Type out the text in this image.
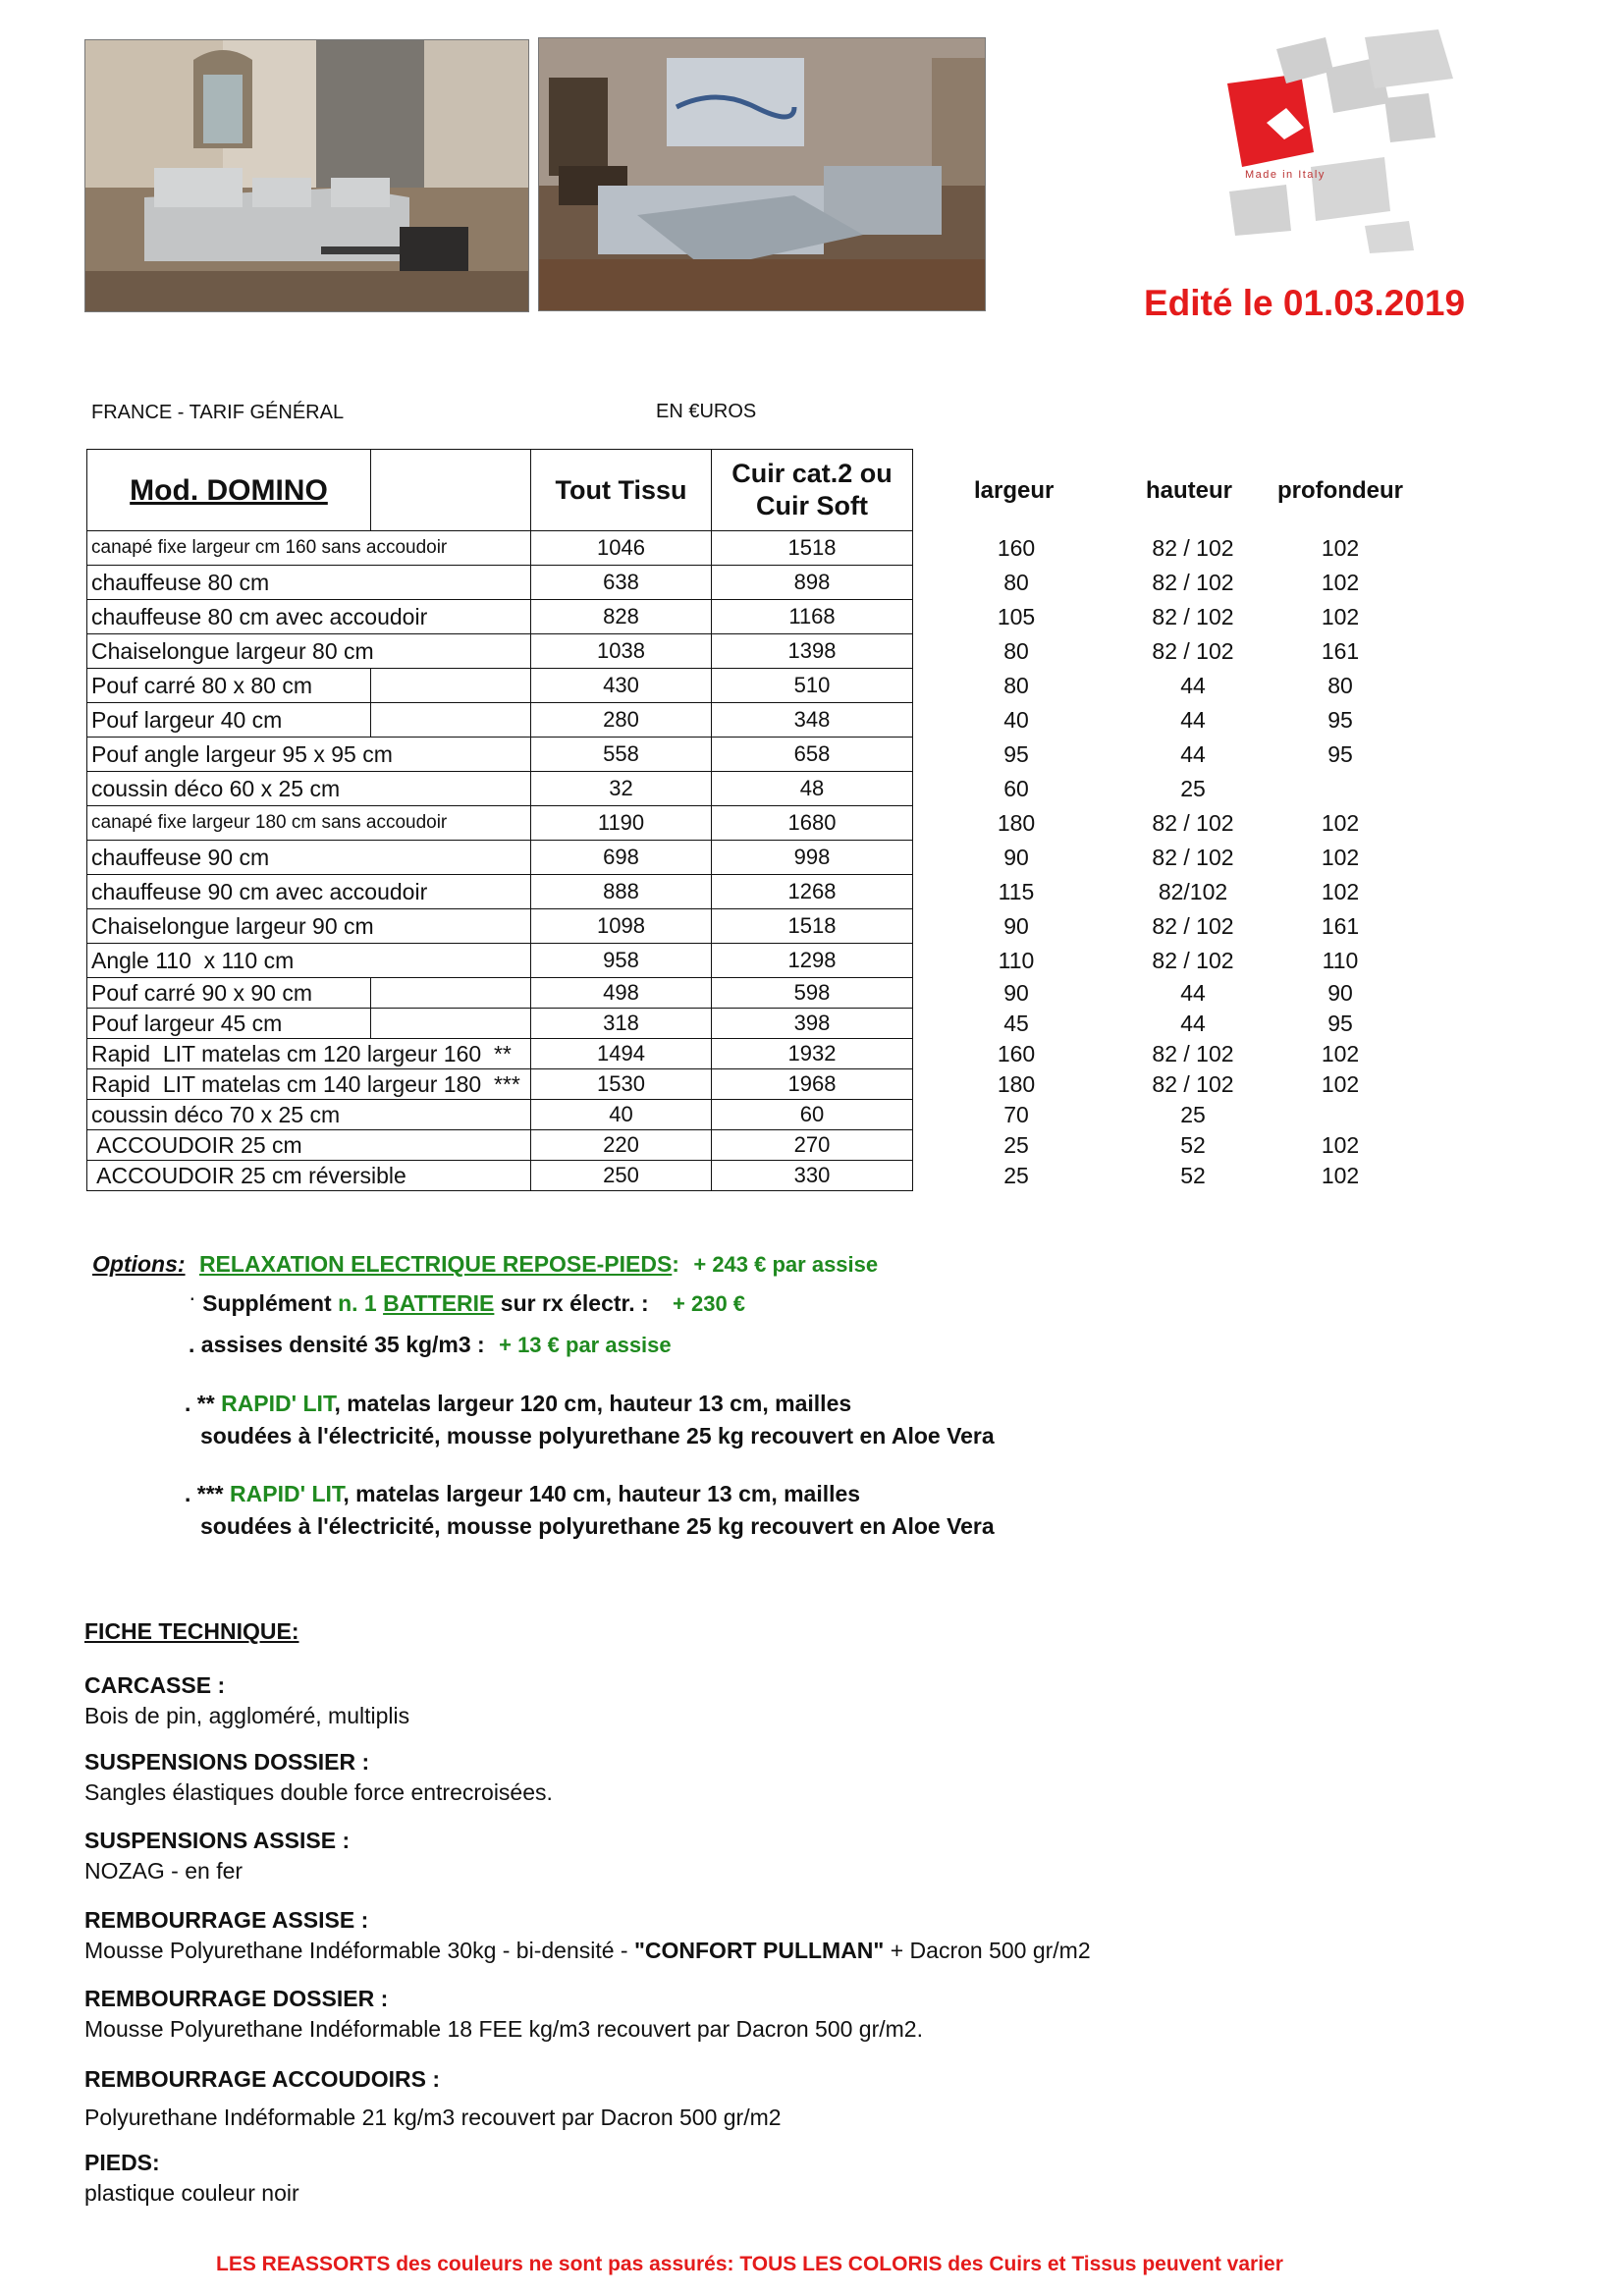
Made in Italy
Edité le 01.03.2019
FRANCE - TARIF GÉNÉRAL	EN €UROS
Mod. DOMINO		Tout Tissu	Cuir cat.2 ou Cuir Soft
canapé fixe largeur cm 160 sans accoudoir		1046	1518
chauffeuse 80 cm		638	898
chauffeuse 80 cm avec accoudoir		828	1168
Chaiselongue largeur 80 cm		1038	1398
Pouf carré 80 x 80 cm		430	510
Pouf largeur 40 cm		280	348
Pouf angle largeur 95 x 95 cm		558	658
coussin déco 60 x 25 cm		32	48
canapé fixe largeur 180 cm sans accoudoir		1190	1680
chauffeuse 90 cm		698	998
chauffeuse 90 cm avec accoudoir		888	1268
Chaiselongue largeur 90 cm		1098	1518
Angle 110  x 110 cm		958	1298
Pouf carré 90 x 90 cm		498	598
Pouf largeur 45 cm		318	398
Rapid  LIT matelas cm 120 largeur 160  **		1494	1932
Rapid  LIT matelas cm 140 largeur 180  ***		1530	1968
coussin déco 70 x 25 cm		40	60
ACCOUDOIR 25 cm		220	270
ACCOUDOIR 25 cm réversible		250	330
largeur	hauteur profondeur
160	82 / 102	102
80	82 / 102	102
105	82 / 102	102
80	82 / 102	161
80	44	80
40	44	95
95	44	95
60	25
180	82 / 102	102
90	82 / 102	102
115	82/102	102
90	82 / 102	161
110	82 / 102	110
90	44	90
45	44	95
160	82 / 102	102
180	82 / 102	102
70	25
25	52	102
25	52	102
Options: RELAXATION ELECTRIQUE REPOSE-PIEDS: + 243 € par assise
· Supplément n. 1 BATTERIE sur rx électr. : + 230 €
. assises densité 35 kg/m3 : + 13 € par assise
. ** RAPID' LIT, matelas largeur 120 cm, hauteur 13 cm, mailles
soudées à l'électricité, mousse polyurethane 25 kg recouvert en Aloe Vera
. *** RAPID' LIT, matelas largeur 140 cm, hauteur 13 cm, mailles
soudées à l'électricité, mousse polyurethane 25 kg recouvert en Aloe Vera
FICHE TECHNIQUE:
CARCASSE :
Bois de pin, aggloméré, multiplis
SUSPENSIONS DOSSIER :
Sangles élastiques double force entrecroisées.
SUSPENSIONS ASSISE :
NOZAG - en fer
REMBOURRAGE ASSISE :
Mousse Polyurethane Indéformable 30kg - bi-densité - "CONFORT PULLMAN" + Dacron 500 gr/m2
REMBOURRAGE DOSSIER :
Mousse Polyurethane Indéformable 18 FEE kg/m3 recouvert par Dacron 500 gr/m2.
REMBOURRAGE ACCOUDOIRS :
Polyurethane Indéformable 21 kg/m3 recouvert par Dacron 500 gr/m2
PIEDS:
plastique couleur noir
LES REASSORTS des couleurs ne sont pas assurés: TOUS LES COLORIS des Cuirs et Tissus peuvent varier
